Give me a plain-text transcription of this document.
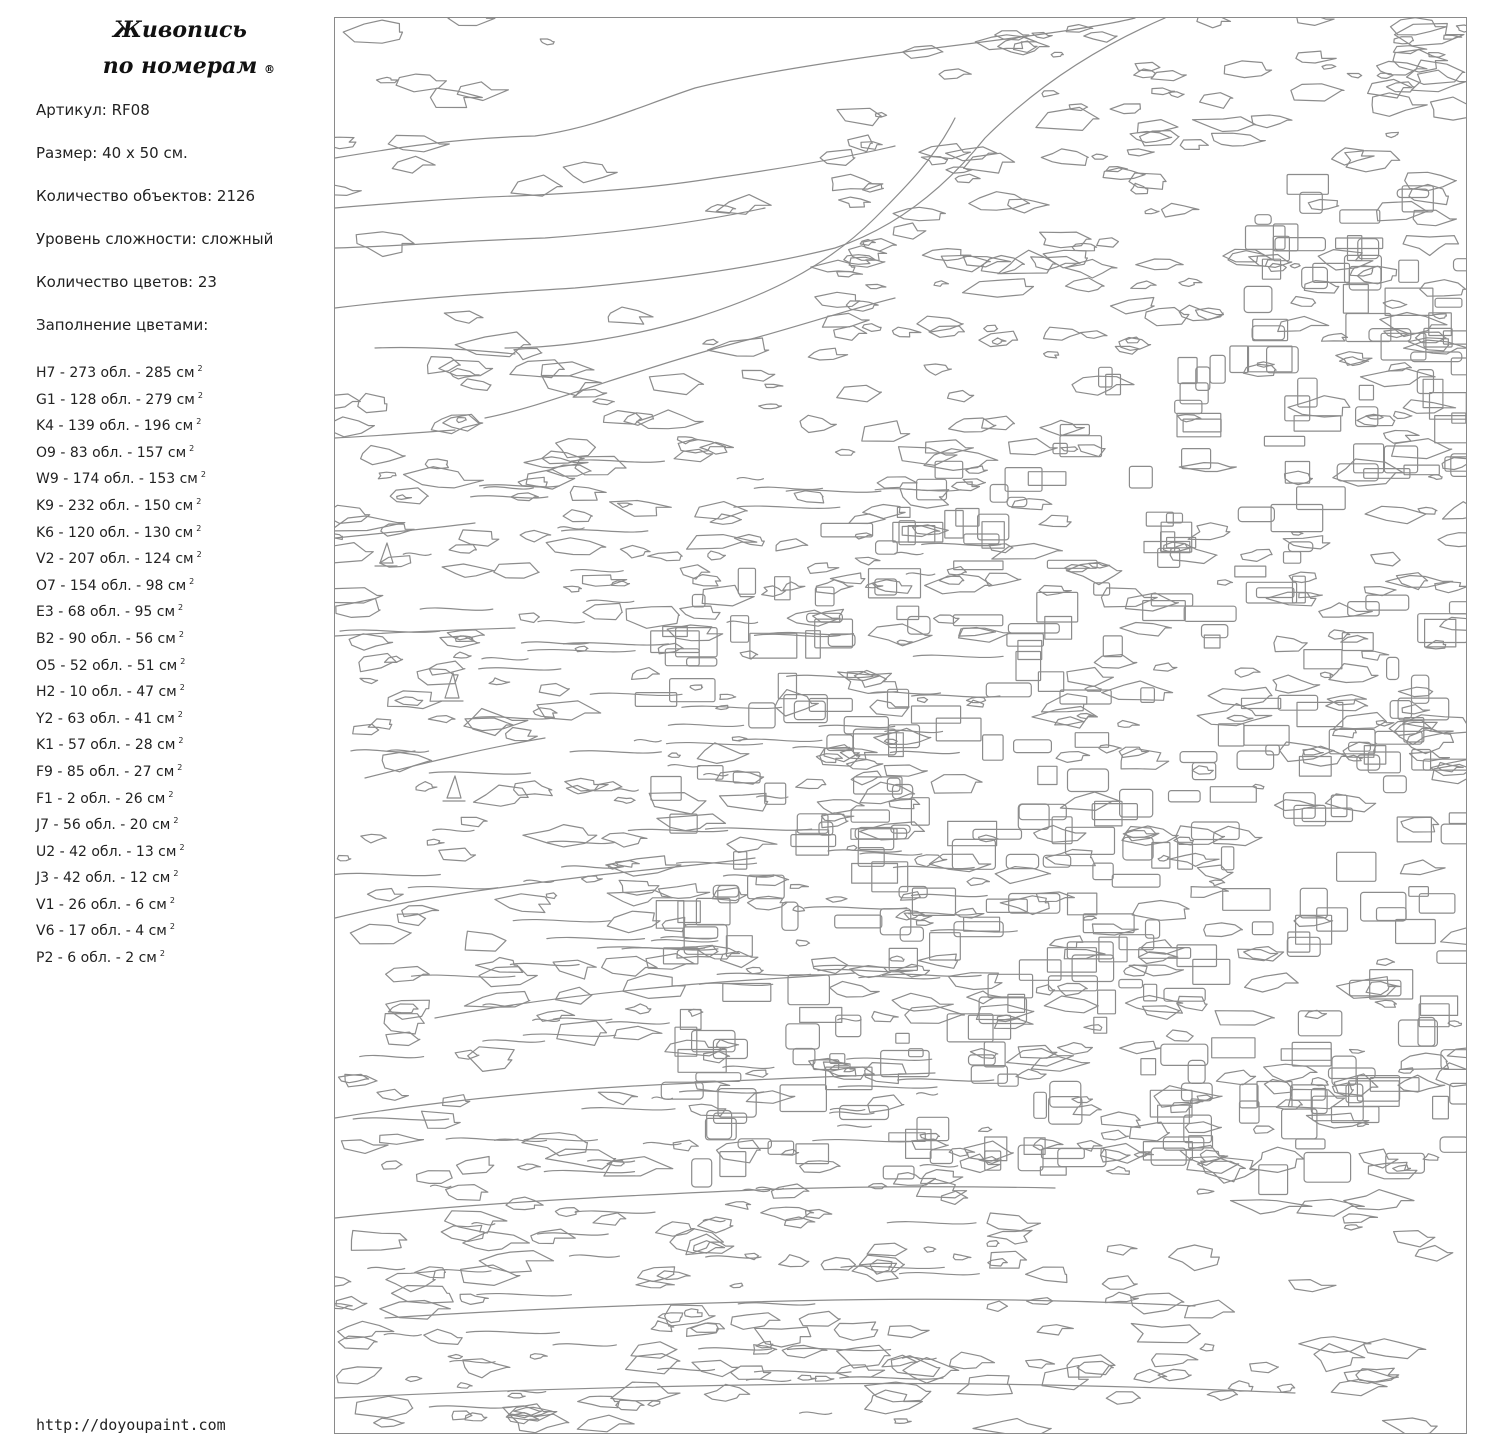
Живопись
по номерам ®
Артикул: RF08
Размер: 40 х 50 см.
Количество объектов: 2126
Уровень сложности: сложный
Количество цветов: 23
Заполнение цветами:
H7 - 273 обл. - 285 см $^2$
G1 - 128 обл. - 279 см $^2$
K4 - 139 обл. - 196 см $^2$
O9 - 83 обл. - 157 см $^2$
W9 - 174 обл. - 153 см $^2$
K9 - 232 обл. - 150 см $^2$
K6 - 120 обл. - 130 см $^2$
V2 - 207 обл. - 124 см $^2$
O7 - 154 обл. - 98 см $^2$
E3 - 68 обл. - 95 см $^2$
B2 - 90 обл. - 56 см $^2$
O5 - 52 обл. - 51 см $^2$
H2 - 10 обл. - 47 см $^2$
Y2 - 63 обл. - 41 см $^2$
K1 - 57 обл. - 28 см $^2$
F9 - 85 обл. - 27 см $^2$
F1 - 2 обл. - 26 см $^2$
J7 - 56 обл. - 20 см $^2$
U2 - 42 обл. - 13 см $^2$
J3 - 42 обл. - 12 см $^2$
V1 - 26 обл. - 6 см $^2$
V6 - 17 обл. - 4 см $^2$
P2 - 6 обл. - 2 см $^2$
http://doyoupaint.com
